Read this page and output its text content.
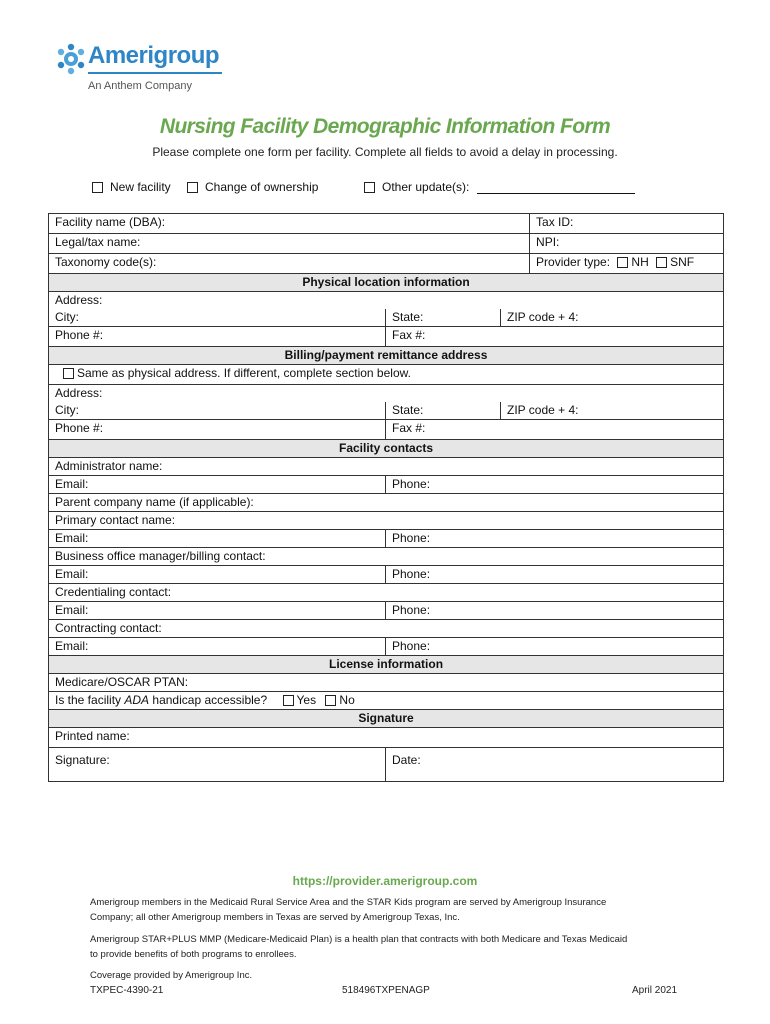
Amerigroup
An Anthem Company
Nursing Facility Demographic Information Form
Please complete one form per facility. Complete all fields to avoid a delay in processing.
New facility	Change of ownership	Other update(s):
Facility name (DBA):			Tax ID:
Legal/tax name:			NPI:
Taxonomy code(s):			Provider type: NH SNF
Physical location information			
Address:			
City:	State:	ZIP code + 4:	
Phone #:	Fax #:		
Billing/payment remittance address			
Same as physical address. If different, complete section below.			
Address:			
City:	State:	ZIP code + 4:	
Phone #:	Fax #:		
Facility contacts			
Administrator name:			
Email:	Phone:		
Parent company name (if applicable):			
Primary contact name:			
Email:	Phone:		
Business office manager/billing contact:			
Email:	Phone:		
Credentialing contact:			
Email:	Phone:		
Contracting contact:			
Email:	Phone:		
License information			
Medicare/OSCAR PTAN:			
Is the facility ADA handicap accessible? Yes No			
Signature			
Printed name:			
Signature:	Date:		
https://provider.amerigroup.com
Amerigroup members in the Medicaid Rural Service Area and the STAR Kids program are served by Amerigroup Insurance
Company; all other Amerigroup members in Texas are served by Amerigroup Texas, Inc.
Amerigroup STAR+PLUS MMP (Medicare-Medicaid Plan) is a health plan that contracts with both Medicare and Texas Medicaid
to provide benefits of both programs to enrollees.
Coverage provided by Amerigroup Inc.
TXPEC-4390-21	518496TXPENAGP	April 2021
